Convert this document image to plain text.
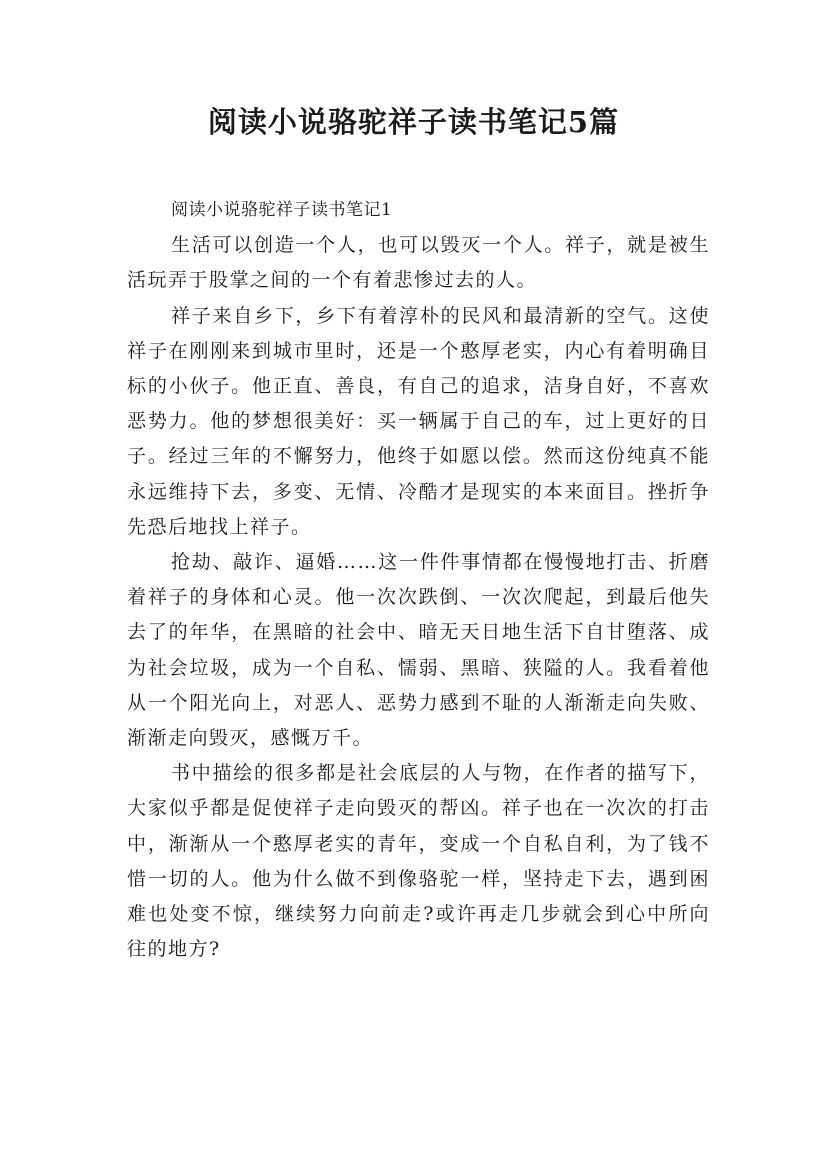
阅读小说骆驼祥子读书笔记5篇
阅读小说骆驼祥子读书笔记1

生活可以创造一个人，也可以毁灭一个人。祥子，就是被生活玩弄于股掌之间的一个有着悲惨过去的人。

祥子来自乡下，乡下有着淳朴的民风和最清新的空气。这使祥子在刚刚来到城市里时，还是一个憨厚老实，内心有着明确目标的小伙子。他正直、善良，有自己的追求，洁身自好，不喜欢恶势力。他的梦想很美好：买一辆属于自己的车，过上更好的日子。经过三年的不懈努力，他终于如愿以偿。然而这份纯真不能永远维持下去，多变、无情、冷酷才是现实的本来面目。挫折争先恐后地找上祥子。

抢劫、敲诈、逼婚……这一件件事情都在慢慢地打击、折磨着祥子的身体和心灵。他一次次跌倒、一次次爬起，到最后他失去了的年华，在黑暗的社会中、暗无天日地生活下自甘堕落、成为社会垃圾，成为一个自私、懦弱、黑暗、狭隘的人。我看着他从一个阳光向上，对恶人、恶势力感到不耻的人渐渐走向失败、渐渐走向毁灭，感慨万千。

书中描绘的很多都是社会底层的人与物，在作者的描写下，大家似乎都是促使祥子走向毁灭的帮凶。祥子也在一次次的打击中，渐渐从一个憨厚老实的青年，变成一个自私自利，为了钱不惜一切的人。他为什么做不到像骆驼一样，坚持走下去，遇到困难也处变不惊，继续努力向前走?或许再走几步就会到心中所向往的地方?
